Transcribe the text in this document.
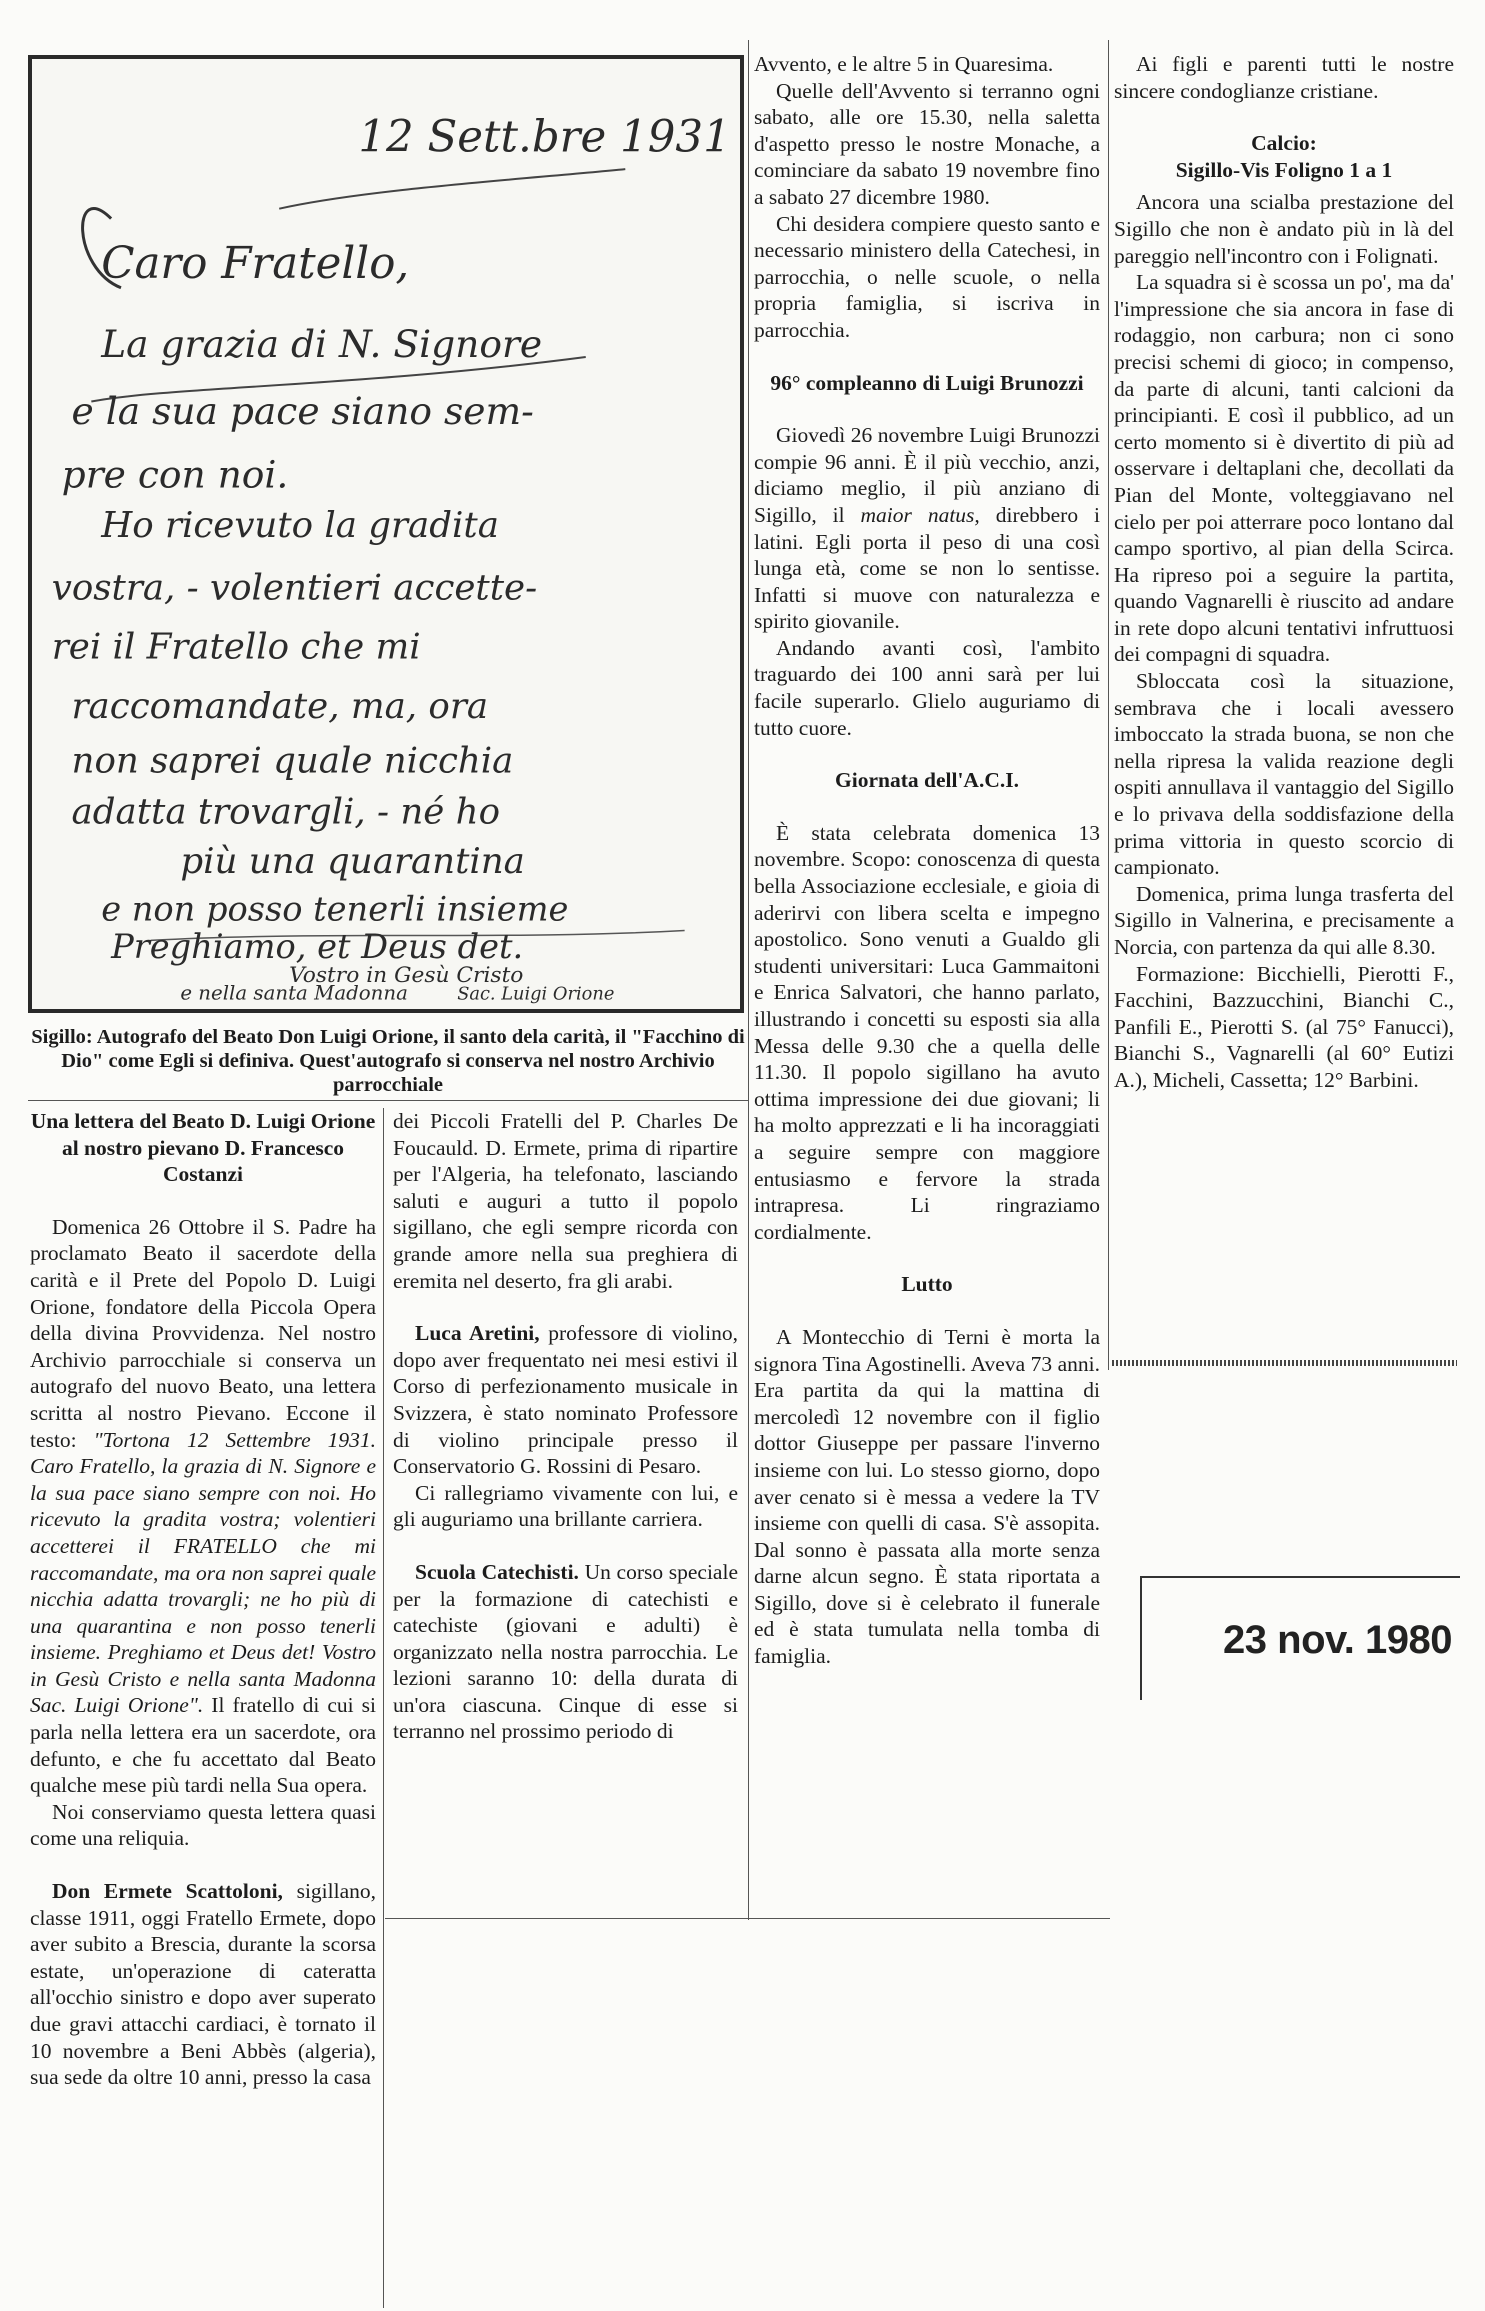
12 Sett.bre 1931
Caro Fratello,
La grazia di N. Signore
e la sua pace siano sem-
pre con noi.
Ho ricevuto la gradita
vostra, - volentieri accette-
rei il Fratello che mi
raccomandate, ma, ora
non saprei quale nicchia
adatta trovargli, - né ho
più una quarantina
e non posso tenerli insieme
Preghiamo, et Deus det.
Vostro in Gesù Cristo
e nella santa Madonna	Sac. Luigi Orione
Sigillo: Autografo del Beato Don Luigi Orione, il santo dela carità, il "Facchino di Dio" come Egli si definiva. Quest'autografo si conserva nel nostro Archivio parrocchiale
Una lettera del Beato D. Luigi Orione al nostro pievano D. Francesco Costanzi

Domenica 26 Ottobre il S. Padre ha proclamato Beato il sacerdote della carità e il Prete del Popolo D. Luigi Orione, fondatore della Piccola Opera della divina Provvidenza. Nel nostro Archivio parrocchiale si conserva un autografo del nuovo Beato, una lettera scritta al nostro Pievano. Eccone il testo: "Tortona 12 Settembre 1931. Caro Fratello, la grazia di N. Signore e la sua pace siano sempre con noi. Ho ricevuto la gradita vostra; volentieri accetterei il FRATELLO che mi raccomandate, ma ora non saprei quale nicchia adatta trovargli; ne ho più di una quarantina e non posso tenerli insieme. Preghiamo et Deus det! Vostro in Gesù Cristo e nella santa Madonna Sac. Luigi Orione". Il fratello di cui si parla nella lettera era un sacerdote, ora defunto, e che fu accettato dal Beato qualche mese più tardi nella Sua opera.

Noi conserviamo questa lettera quasi come una reliquia.

Don Ermete Scattoloni, sigillano, classe 1911, oggi Fratello Ermete, dopo aver subito a Brescia, durante la scorsa estate, un'operazione di cateratta all'occhio sinistro e dopo aver superato due gravi attacchi cardiaci, è tornato il 10 novembre a Beni Abbès (algeria), sua sede da oltre 10 anni, presso la casa

dei Piccoli Fratelli del P. Charles De Foucauld. D. Ermete, prima di ripartire per l'Algeria, ha telefonato, lasciando saluti e auguri a tutto il popolo sigillano, che egli sempre ricorda con grande amore nella sua preghiera di eremita nel deserto, fra gli arabi.

Luca Aretini, professore di violino, dopo aver frequentato nei mesi estivi il Corso di perfezionamento musicale in Svizzera, è stato nominato Professore di violino principale presso il Conservatorio G. Rossini di Pesaro.

Ci rallegriamo vivamente con lui, e gli auguriamo una brillante carriera.

Scuola Catechisti. Un corso speciale per la formazione di catechisti e catechiste (giovani e adulti) è organizzato nella nostra parrocchia. Le lezioni saranno 10: della durata di un'ora ciascuna. Cinque di esse si terranno nel prossimo periodo di

Avvento, e le altre 5 in Quaresima.

Quelle dell'Avvento si terranno ogni sabato, alle ore 15.30, nella saletta d'aspetto presso le nostre Monache, a cominciare da sabato 19 novembre fino a sabato 27 dicembre 1980.

Chi desidera compiere questo santo e necessario ministero della Catechesi, in parrocchia, o nelle scuole, o nella propria famiglia, si iscriva in parrocchia.

96° compleanno di Luigi Brunozzi

Giovedì 26 novembre Luigi Brunozzi compie 96 anni. È il più vecchio, anzi, diciamo meglio, il più anziano di Sigillo, il maior natus, direbbero i latini. Egli porta il peso di una così lunga età, come se non lo sentisse. Infatti si muove con naturalezza e spirito giovanile.

Andando avanti così, l'ambito traguardo dei 100 anni sarà per lui facile superarlo. Glielo auguriamo di tutto cuore.

Giornata dell'A.C.I.

È stata celebrata domenica 13 novembre. Scopo: conoscenza di questa bella Associazione ecclesiale, e gioia di aderirvi con libera scelta e impegno apostolico. Sono venuti a Gualdo gli studenti universitari: Luca Gammaitoni e Enrica Salvatori, che hanno parlato, illustrando i concetti su esposti sia alla Messa delle 9.30 che a quella delle 11.30. Il popolo sigillano ha avuto ottima impressione dei due giovani; li ha molto apprezzati e li ha incoraggiati a seguire sempre con maggiore entusiasmo e fervore la strada intrapresa. Li ringraziamo cordialmente.

Lutto

A Montecchio di Terni è morta la signora Tina Agostinelli. Aveva 73 anni. Era partita da qui la mattina di mercoledì 12 novembre con il figlio dottor Giuseppe per passare l'inverno insieme con lui. Lo stesso giorno, dopo aver cenato si è messa a vedere la TV insieme con quelli di casa. S'è assopita. Dal sonno è passata alla morte senza darne alcun segno. È stata riportata a Sigillo, dove si è celebrato il funerale ed è stata tumulata nella tomba di famiglia.

Ai figli e parenti tutti le nostre sincere condoglianze cristiane.

Calcio:
Sigillo-Vis Foligno 1 a 1

Ancora una scialba prestazione del Sigillo che non è andato più in là del pareggio nell'incontro con i Folignati.

La squadra si è scossa un po', ma da' l'impressione che sia ancora in fase di rodaggio, non carbura; non ci sono precisi schemi di gioco; in compenso, da parte di alcuni, tanti calcioni da principianti. E così il pubblico, ad un certo momento si è divertito di più ad osservare i deltaplani che, decollati da Pian del Monte, volteggiavano nel cielo per poi atterrare poco lontano dal campo sportivo, al pian della Scirca. Ha ripreso poi a seguire la partita, quando Vagnarelli è riuscito ad andare in rete dopo alcuni tentativi infruttuosi dei compagni di squadra.

Sbloccata così la situazione, sembrava che i locali avessero imboccato la strada buona, se non che nella ripresa la valida reazione degli ospiti annullava il vantaggio del Sigillo e lo privava della soddisfazione della prima vittoria in questo scorcio di campionato.

Domenica, prima lunga trasferta del Sigillo in Valnerina, e precisamente a Norcia, con partenza da qui alle 8.30.

Formazione: Bicchielli, Pierotti F., Facchini, Bazzucchini, Bianchi C., Panfili E., Pierotti S. (al 75° Fanucci), Bianchi S., Vagnarelli (al 60° Eutizi A.), Micheli, Cassetta; 12° Barbini.

23 nov. 1980
